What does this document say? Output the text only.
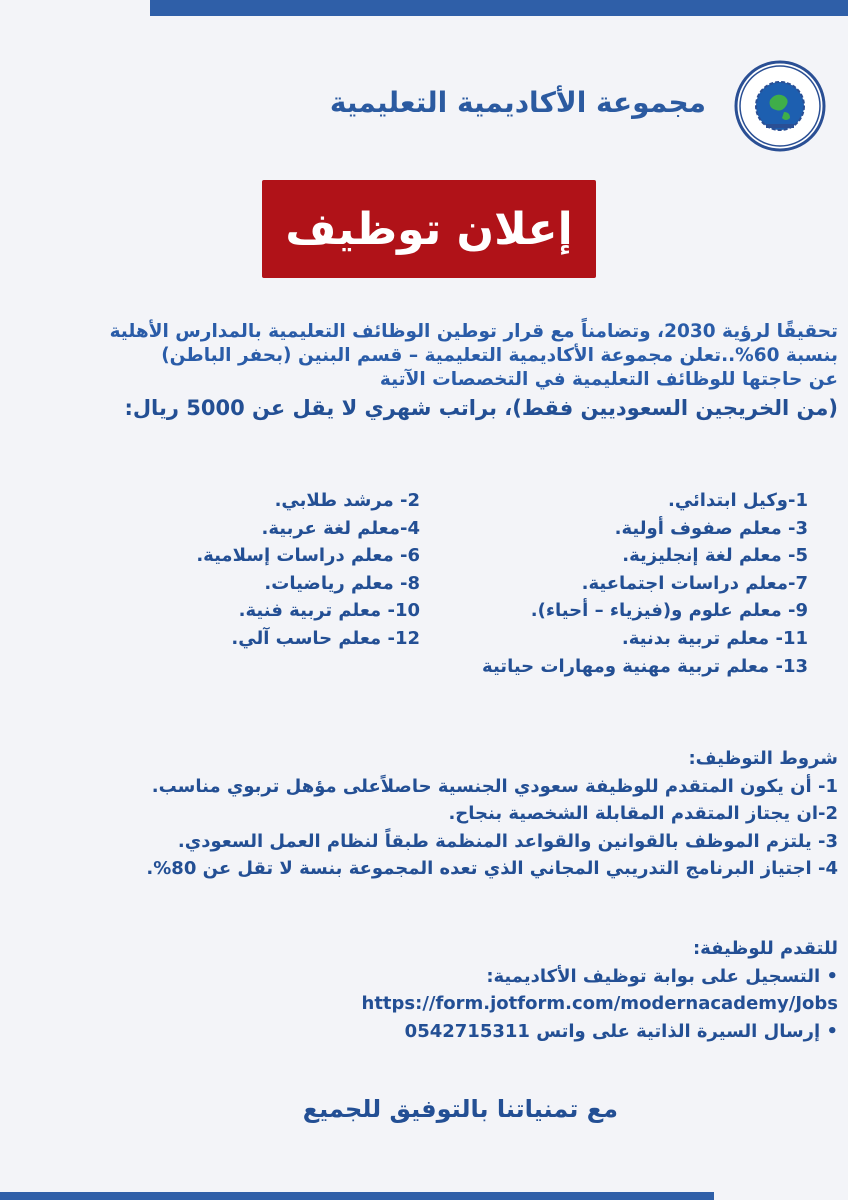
مجموعة الأكاديمية التعليمية
إعلان توظيف
تحقيقًا لرؤية 2030، وتضامناً مع قرار توطين الوظائف التعليمية بالمدارس الأهلية
بنسبة 60%..تعلن مجموعة الأكاديمية التعليمية – قسم البنين (بحفر الباطن)
عن حاجتها للوظائف التعليمية في التخصصات الآتية
(من الخريجين السعوديين فقط)، براتب شهري لا يقل عن 5000 ريال:
1-وكيل ابتدائي.
3- معلم صفوف أولية.
5- معلم لغة إنجليزية.
7-معلم دراسات اجتماعية.
9- معلم علوم و(فيزياء – أحياء).
11- معلم تربية بدنية.
13- معلم تربية مهنية ومهارات حياتية
2- مرشد طلابي.
4-معلم لغة عربية.
6- معلم دراسات إسلامية.
8- معلم رياضيات.
10- معلم تربية فنية.
12- معلم حاسب آلي.
شروط التوظيف:
1- أن يكون المتقدم للوظيفة سعودي الجنسية حاصلاًعلى مؤهل تربوي مناسب.
2-ان يجتاز المتقدم المقابلة الشخصية بنجاح.
3- يلتزم الموظف بالقوانين والقواعد المنظمة طبقاً لنظام العمل السعودي.
4- اجتياز البرنامج التدريبي المجاني الذي تعده المجموعة بنسة لا تقل عن 80%.
للتقدم للوظيفة:
• التسجيل على بوابة توظيف الأكاديمية:
https://form.jotform.com/modernacademy/Jobs
• إرسال السيرة الذاتية على واتس 0542715311
مع تمنياتنا بالتوفيق للجميع
